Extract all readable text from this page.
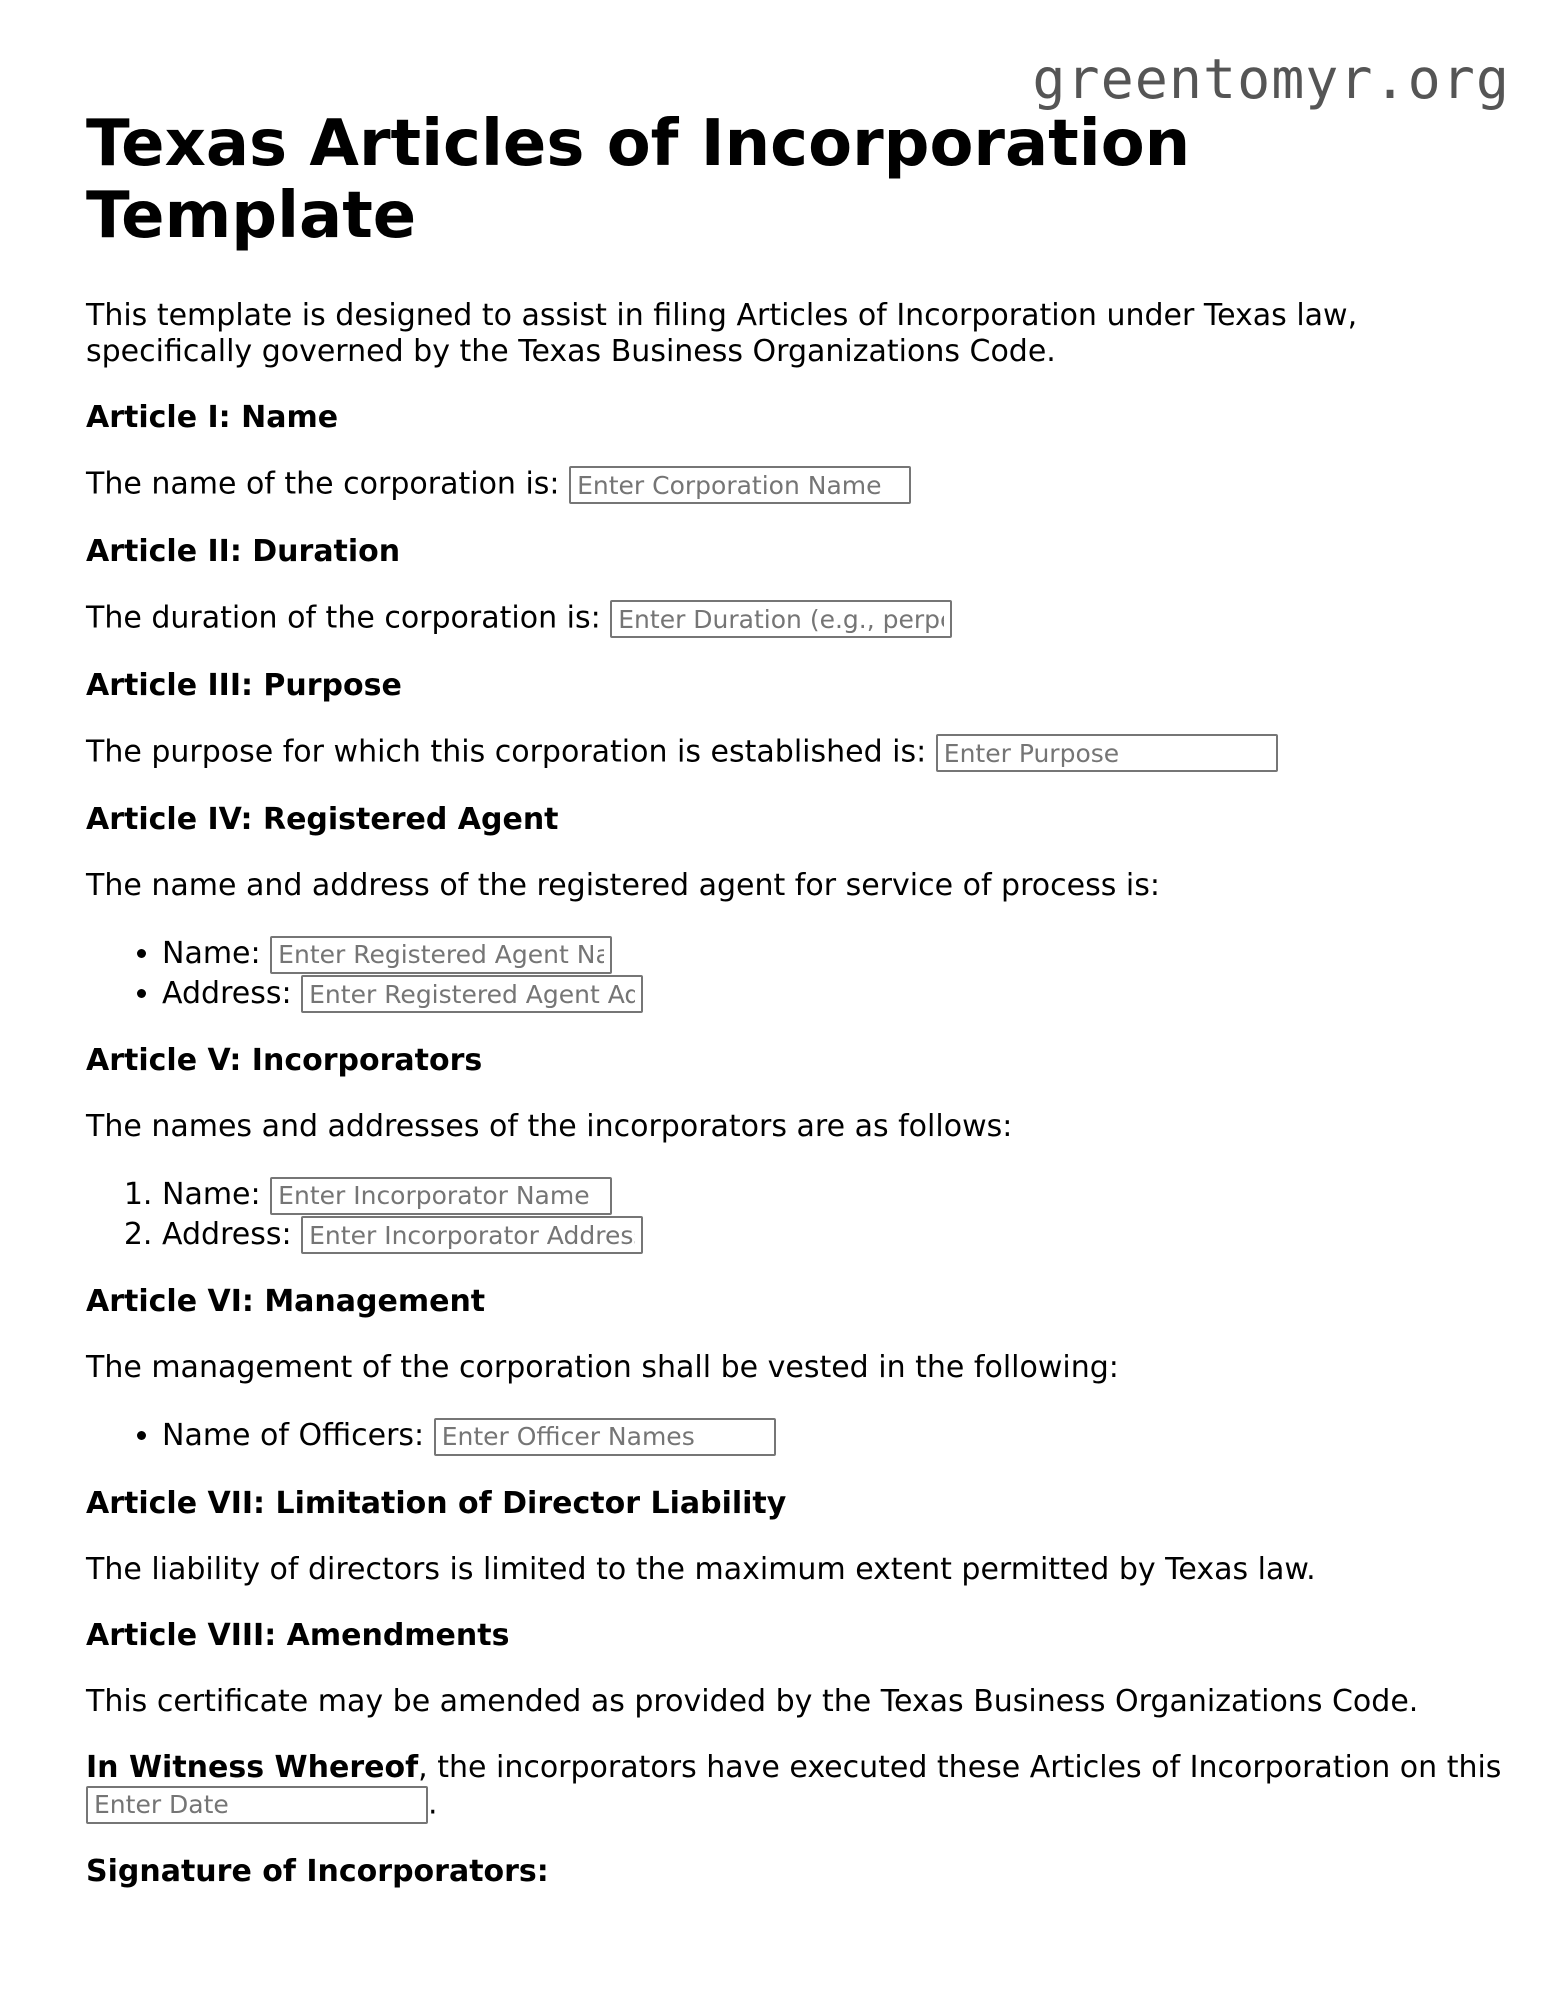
greentomyr.org
Texas Articles of Incorporation Template

This template is designed to assist in filing Articles of Incorporation under Texas law, specifically governed by the Texas Business Organizations Code.

Article I: Name

The name of the corporation is: Enter Corporation Name

Article II: Duration

The duration of the corporation is: Enter Duration (e.g., perpetual)

Article III: Purpose

The purpose for which this corporation is established is: Enter Purpose

Article IV: Registered Agent

The name and address of the registered agent for service of process is:

• Name: Enter Registered Agent Name
• Address: Enter Registered Agent Address
Article V: Incorporators

The names and addresses of the incorporators are as follows:

1. Name: Enter Incorporator Name
2. Address: Enter Incorporator Address
Article VI: Management

The management of the corporation shall be vested in the following:

• Name of Officers: Enter Officer Names
Article VII: Limitation of Director Liability

The liability of directors is limited to the maximum extent permitted by Texas law.

Article VIII: Amendments

This certificate may be amended as provided by the Texas Business Organizations Code.

In Witness Whereof, the incorporators have executed these Articles of Incorporation on this Enter Date.

Signature of Incorporators:
